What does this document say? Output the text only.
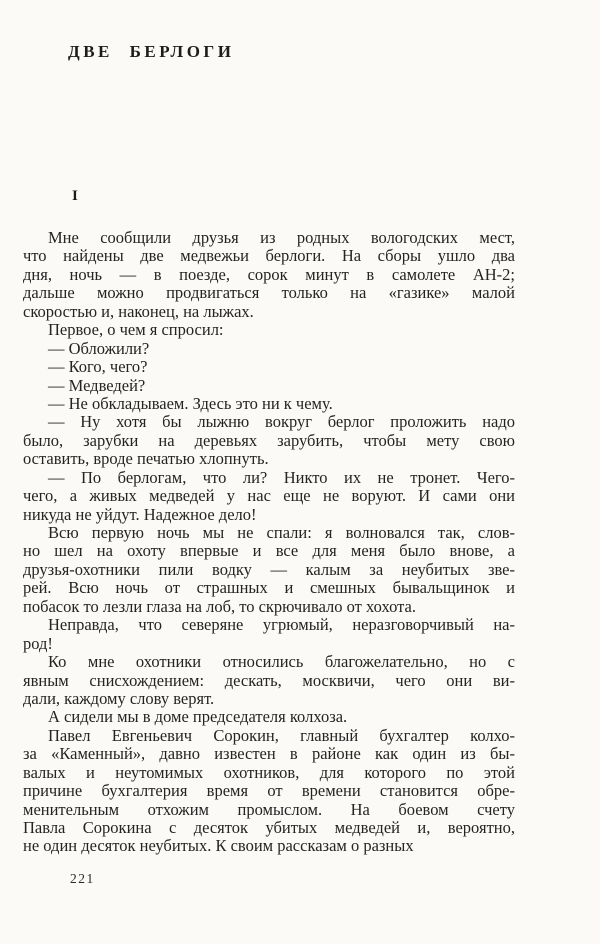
ДВЕ БЕРЛОГИ
I

Мне сообщили друзья из родных вологодских мест,
что найдены две медвежьи берлоги. На сборы ушло два
дня, ночь — в поезде, сорок минут в самолете АН-2;
дальше можно продвигаться только на «газике» малой
скоростью и, наконец, на лыжах.

Первое, о чем я спросил:

— Обложили?

— Кого, чего?

— Медведей?

— Не обкладываем. Здесь это ни к чему.

— Ну хотя бы лыжню вокруг берлог проложить надо
было, зарубки на деревьях зарубить, чтобы мету свою
оставить, вроде печатью хлопнуть.

— По берлогам, что ли? Никто их не тронет. Чего-
чего, а живых медведей у нас еще не воруют. И сами они
никуда не уйдут. Надежное дело!

Всю первую ночь мы не спали: я волновался так, слов-
но шел на охоту впервые и все для меня было внове, а
друзья-охотники пили водку — калым за неубитых зве-
рей. Всю ночь от страшных и смешных бывальщинок и
побасок то лезли глаза на лоб, то скрючивало от хохота.

Неправда, что северяне угрюмый, неразговорчивый на-
род!

Ко мне охотники относились благожелательно, но с
явным снисхождением: дескать, москвичи, чего они ви-
дали, каждому слову верят.

А сидели мы в доме председателя колхоза.

Павел Евгеньевич Сорокин, главный бухгалтер колхо-
за «Каменный», давно известен в районе как один из бы-
валых и неутомимых охотников, для которого по этой
причине бухгалтерия время от времени становится обре-
менительным отхожим промыслом. На боевом счету
Павла Сорокина с десяток убитых медведей и, вероятно,
не один десяток неубитых. К своим рассказам о разных

221
